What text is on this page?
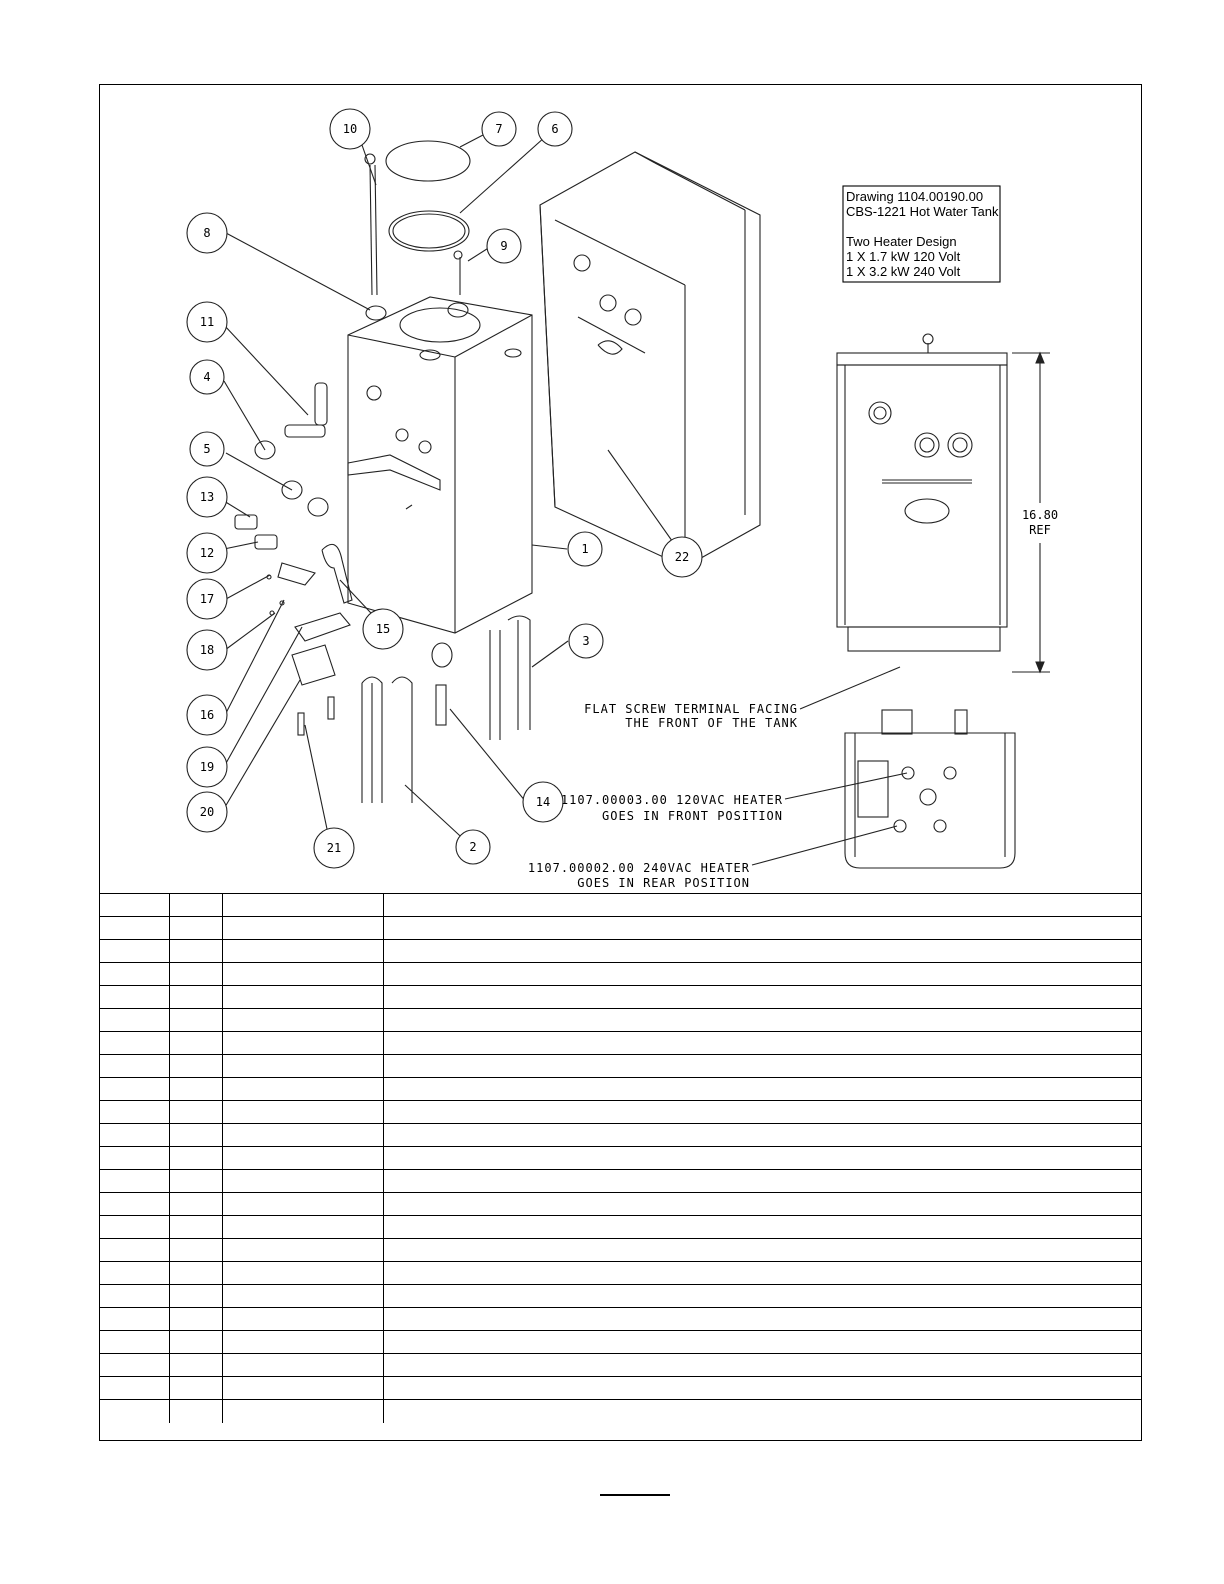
1
2
3
4
5
6
7
8
9
10
11
12
13
14
15
16
17
18
19
20
21
22
Drawing 1104.00190.00
CBS-1221 Hot Water Tank
Two Heater Design
1 X 1.7 kW 120 Volt
1 X 3.2 kW 240 Volt
16.80
REF
FLAT SCREW TERMINAL FACING
THE FRONT OF THE TANK
1107.00003.00 120VAC HEATER
GOES IN FRONT POSITION
1107.00002.00 240VAC HEATER
GOES IN REAR POSITION
